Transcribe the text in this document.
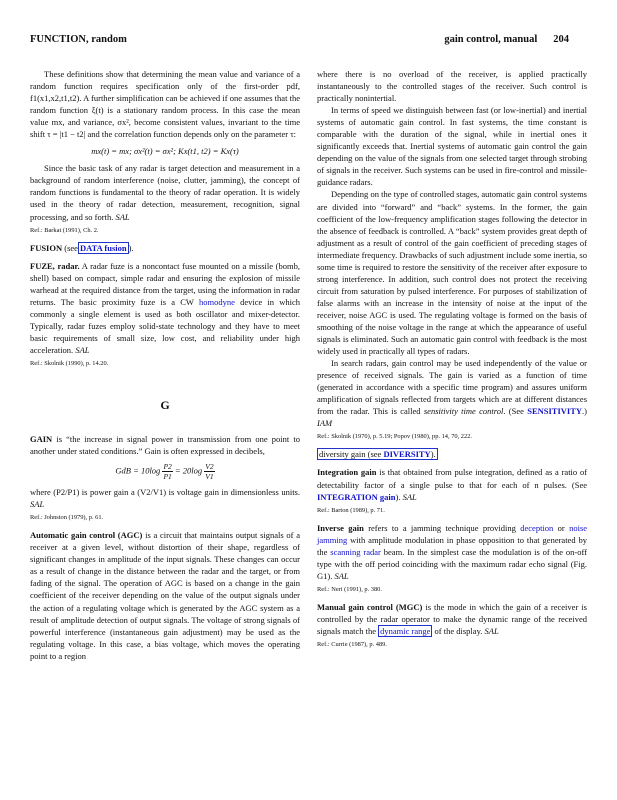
FUNCTION, random	gain control, manual 204

These definitions show that determining the mean value and variance of a random function requires specification only of the first-order pdf, f1(x1,x2,t1,t2). A further simplification can be achieved if one assumes that the random function ξ(t) is a stationary random process. In this case the mean value mx, and variance, σx², become consistent values, invariant to the time shift τ = |t1 − t2| and the correlation function depends only on the parameter τ:

mx(t) = mx; σx²(t) = σx²; Kx(t1, t2) = Kx(τ)

Since the basic task of any radar is target detection and measurement in a background of random interference (noise, clutter, jamming), the concept of random functions is fundamental to the theory of radar operation. It is widely used in the theory of radar detection, measurement, recognition, signal processing, and so forth. SAL

Ref.: Barkat (1991), Ch. 2.

FUSION (see DATA fusion ).

FUZE, radar. A radar fuze is a noncontact fuse mounted on a missile (bomb, shell) based on compact, simple radar and ensuring the explosion of missile warhead at the required distance from the target, using the information in radar returns. The basic proximity fuze is a CW homodyne device in which commonly a single element is used as both oscillator and mixer-detector. Typically, radar fuzes employ solid-state technology and they have to meet basic requirements of small size, low cost, and reliability under high acceleration. SAL

Ref.: Skolnik (1990), p. 14.20.
G

GAIN is “the increase in signal power in transmission from one point to another under stated conditions.” Gain is often expressed in decibels,

GdB = $10\log \frac{P2}{P1} = 20\log \frac{V2}{V1}$

where (P2/P1) is power gain a (V2/V1) is voltage gain in dimensionless units. SAL

Ref.: Johnston (1979), p. 61.

Automatic gain control (AGC) is a circuit that maintains output signals of a receiver at a given level, without distortion of their shape, regardless of significant changes in amplitude of the input signals. These changes can occur as a result of change in the distance between the radar and the target, or from fading of the signal. The operation of AGC is based on a change in the gain coefficient of the receiver depending on the value of the output signals under the action of a regulating voltage which is generated by the AGC system as a result of amplitude detection of output signals. The voltage of strong signals of powerful interference (instantaneous gain adjustment) may be used as the regulating voltage. In this case, a bias voltage, which moves the operating point to a region

where there is no overload of the receiver, is applied practically instantaneously to the controlled stages of the receiver. Such control is practically nonintertial.

In terms of speed we distinguish between fast (or low-inertial) and inertial systems of automatic gain control. In fast systems, the time constant is comparable with the duration of the signal, while in inertial ones it significantly exceeds that. Inertial systems of automatic gain control the gain depending on the value of the signals from one selected target through strobing of signals in the receiver. Such systems can be used in fire-control and missile-guidance radars.

Depending on the type of controlled stages, automatic gain control systems are divided into “forward” and “back” systems. In the former, the gain coefficient of the low-frequency amplification stages following the detector in the absence of feedback is controlled. A “back” system provides great depth of adjustment as a result of control of the gain coefficient of preceding stages of intermediate frequency. Drawbacks of such adjustment include some inertia, so some time is required to restore the sensitivity of the receiver after exposure to strong interference. In addition, such control does not protect the receiving circuit from saturation by pulsed interference. For purposes of stabilization of false alarms with an increase in the intensity of noise at the input of the receiver, noise AGC is used. The regulating voltage is formed on the basis of smoothing of the noise voltage in the range at which the appearance of useful signals is eliminated. Such an automatic gain control with feedback is the most widely used in practically all types of radars.

In search radars, gain control may be used independently of the value or presence of received signals. The gain is varied as a function of time (generated in accordance with a specific time program) and assures uniform amplification of signals reflected from targets which are at different distances from the radar. This is called sensitivity time control. (See SENSITIVITY.) IAM

Ref.: Skolnik (1970), p. 5.19; Popov (1980), pp. 14, 70, 222.

diversity gain (see DIVERSITY).

Integration gain is that obtained from pulse integration, defined as a ratio of detectability factor of a single pulse to that for each of n pulses. (See INTEGRATION gain). SAL

Ref.: Barton (1989), p. 71.

Inverse gain refers to a jamming technique providing deception or noise jamming with amplitude modulation in phase opposition to that generated by the scanning radar beam. In the simplest case the modulation is of the on-off type with the off period coinciding with the maximum radar echo signal (Fig. G1). SAL

Ref.: Neri (1991), p. 380.

Manual gain control (MGC) is the mode in which the gain of a receiver is controlled by the radar operator to make the dynamic range of the received signals match the dynamic range of the display. SAL

Ref.: Currie (1987), p. 489.
